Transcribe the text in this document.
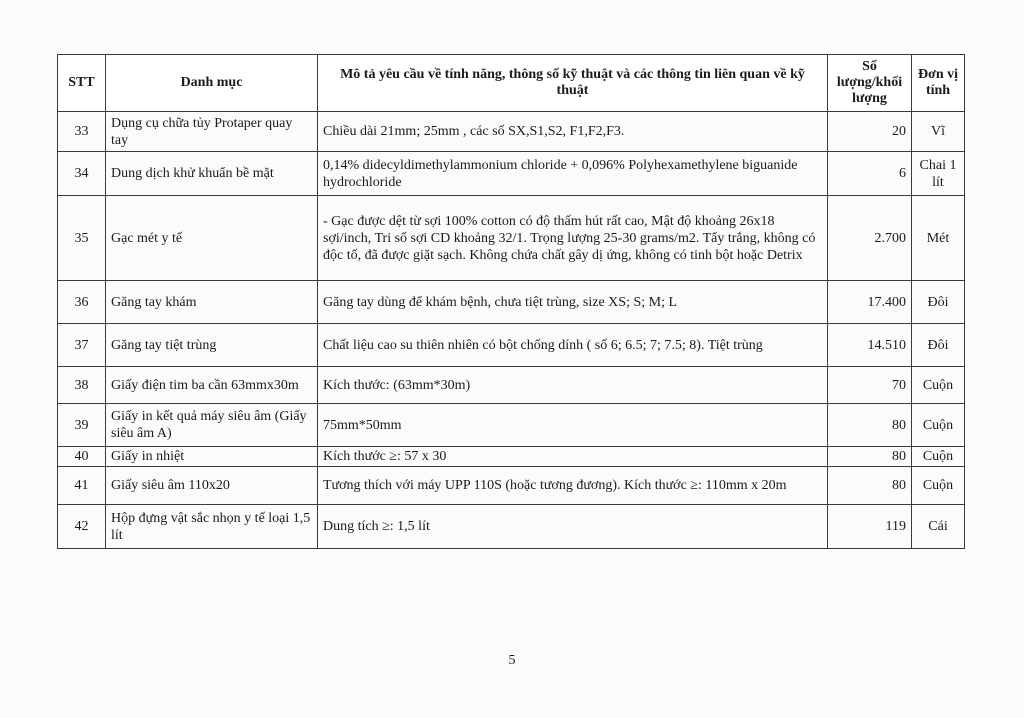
STT	Danh mục	Mô tả yêu cầu về tính năng, thông số kỹ thuật và các thông tin liên quan về kỹ thuật	Số lượng/khối lượng	Đơn vị tính
33	Dụng cụ chữa tủy Protaper quay tay	Chiều dài 21mm; 25mm , các số SX,S1,S2, F1,F2,F3.	20	Vĩ
34	Dung dịch khử khuẩn bề mặt	0,14% didecyldimethylammonium chloride + 0,096% Polyhexamethylene biguanide hydrochloride	6	Chai 1 lít
35	Gạc mét y tế	- Gạc được dệt từ sợi 100% cotton có độ thấm hút rất cao, Mật độ khoảng 26x18 sợi/inch, Tri số sợi CD khoảng 32/1. Trọng lượng 25-30 grams/m2. Tẩy trắng, không có độc tố, đã được giặt sạch. Không chứa chất gây dị ứng, không có tinh bột hoặc Detrix	2.700	Mét
36	Găng tay khám	Găng tay dùng để khám bệnh, chưa tiệt trùng, size XS; S; M; L	17.400	Đôi
37	Găng tay tiệt trùng	Chất liệu cao su thiên nhiên có bột chống dính ( số 6; 6.5; 7; 7.5; 8). Tiệt trùng	14.510	Đôi
38	Giấy điện tim ba cần 63mmx30m	Kích thước: (63mm*30m)	70	Cuộn
39	Giấy in kết quả máy siêu âm (Giấy siêu âm A)	75mm*50mm	80	Cuộn
40	Giấy in nhiệt	Kích thước ≥: 57 x 30	80	Cuộn
41	Giấy siêu âm 110x20	Tương thích với máy UPP 110S (hoặc tương đương). Kích thước ≥: 110mm x 20m	80	Cuộn
42	Hộp đựng vật sắc nhọn y tế loại 1,5 lít	Dung tích ≥: 1,5 lít	119	Cái
5
